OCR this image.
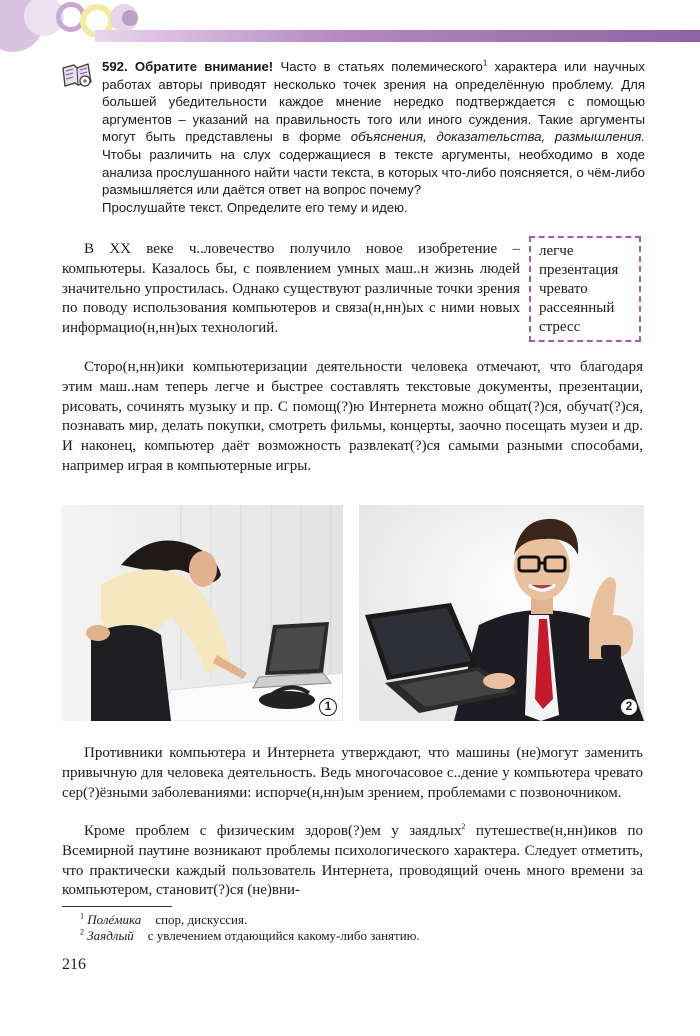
592. Обратите внимание! Часто в статьях полемического$^1$ характера или научных работах авторы приводят несколько точек зрения на определённую проблему. Для большей убедительности каждое мнение нередко подтверждается с помощью аргументов – указаний на правильность того или иного суждения. Такие аргументы могут быть представлены в форме объяснения, доказательства, размышления. Чтобы различить на слух содержащиеся в тексте аргументы, необходимо в ходе анализа прослушанного найти части текста, в которых что-либо поясняется, о чём-либо размышляется или даётся ответ на вопрос почему?

Прослушайте текст. Определите его тему и идею.

легче
презентация
чревато
рассеянный
стресс

В XX веке ч..ловечество получило новое изобретение – компьютеры. Казалось бы, с появлением умных маш..н жизнь людей значительно упростилась. Однако существуют различные точки зрения по поводу использования компьютеров и связа(н,нн)ых с ними новых информацио(н,нн)ых технологий.

Сторо(н,нн)ики компьютеризации деятельности человека отмечают, что благодаря этим маш..нам теперь легче и быстрее составлять текстовые документы, презентации, рисовать, сочинять музыку и пр. С помощ(?)ю Интернета можно общат(?)ся, обучат(?)ся, познавать мир, делать покупки, смотреть фильмы, концерты, заочно посещать музеи и др. И наконец, компьютер даёт возможность развлекат(?)ся самыми разными способами, например играя в компьютерные игры.

1	2

Противники компьютера и Интернета утверждают, что машины (не)могут заменить привычную для человека деятельность. Ведь многочасовое с..дение у компьютера чревато сер(?)ёзными заболеваниями: испорче(н,нн)ым зрением, проблемами с позвоночником.

Кроме проблем с физическим здоров(?)ем у заядлых$^2$ путешестве(н,нн)иков по Всемирной паутине возникают проблемы психологического характера. Следует отметить, что практически каждый пользователь Интернета, проводящий очень много времени за компьютером, становит(?)ся (не)вни-

$^1$ Полéмика спор, дискуссия.
$^2$ Заядлый с увлечением отдающийся какому-либо занятию.
216
